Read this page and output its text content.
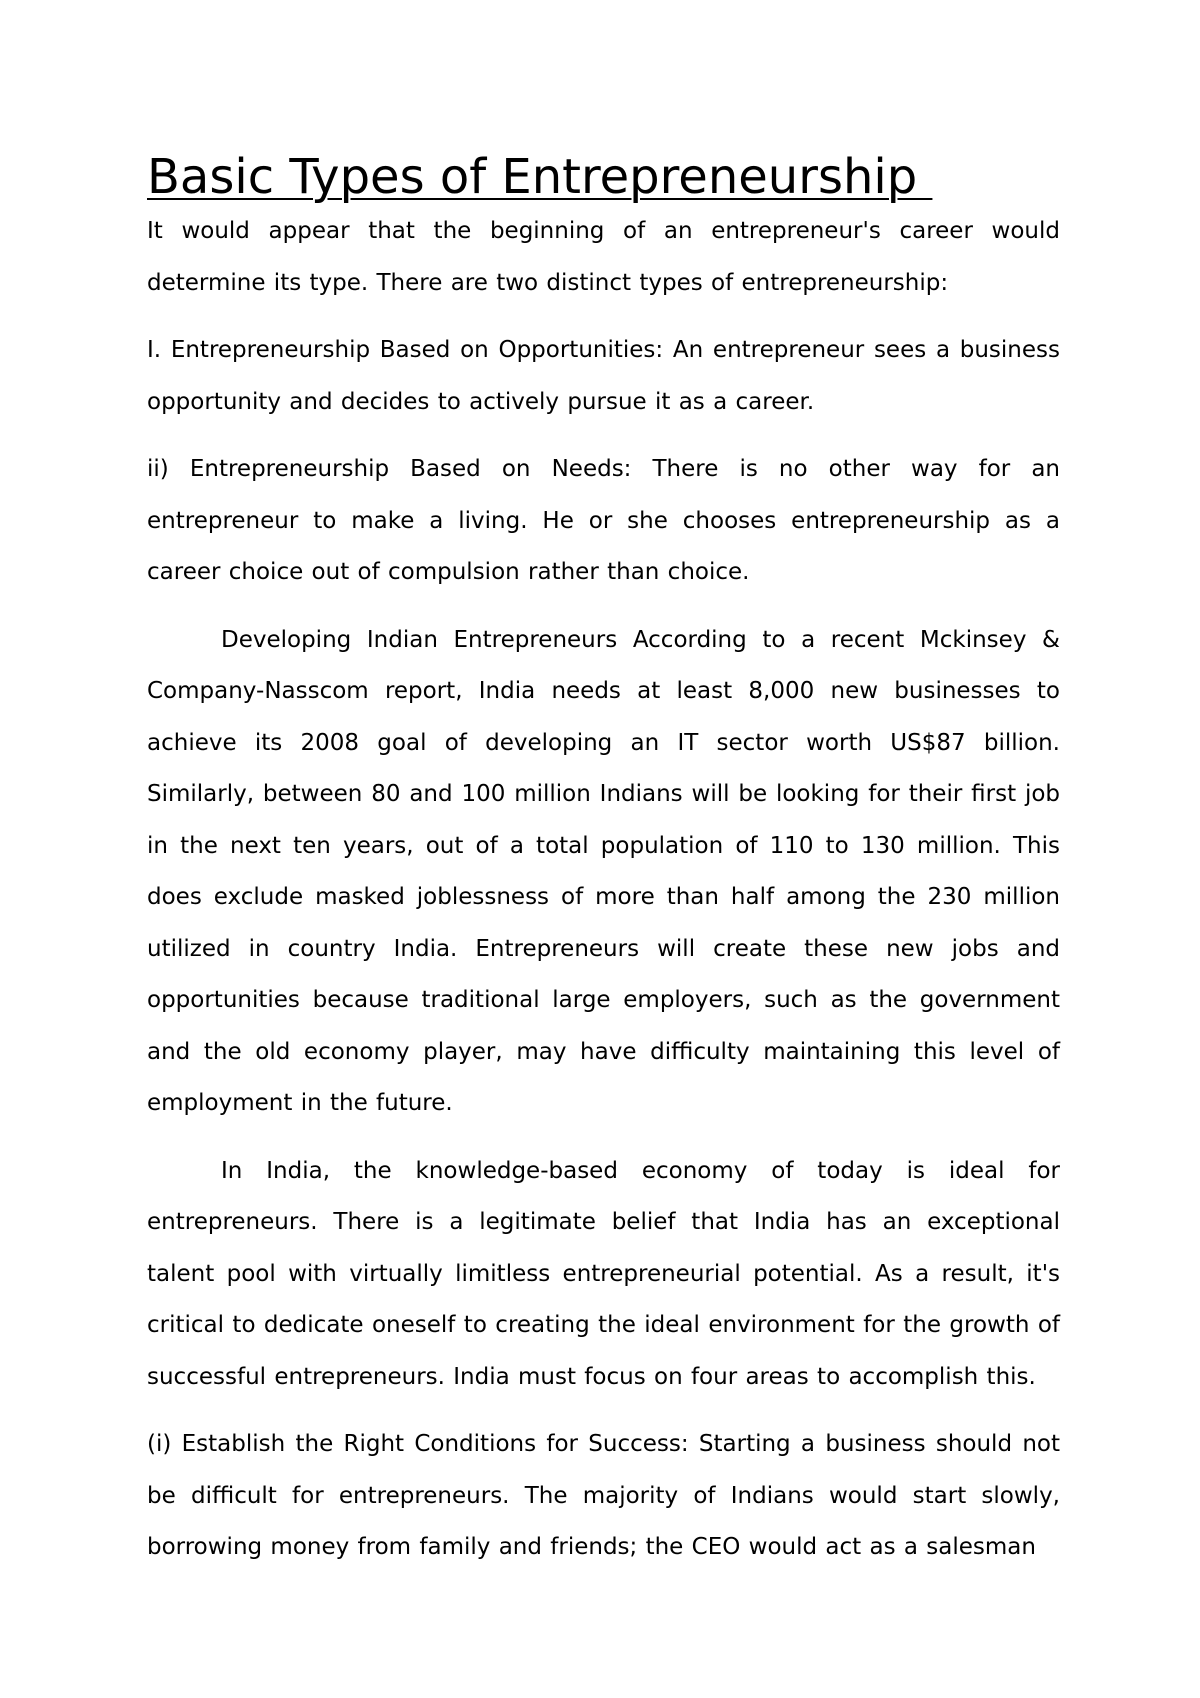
Basic Types of Entrepreneurship

It would appear that the beginning of an entrepreneur's career would determine its type. There are two distinct types of entrepreneurship:

I. Entrepreneurship Based on Opportunities: An entrepreneur sees a business opportunity and decides to actively pursue it as a career.

ii) Entrepreneurship Based on Needs: There is no other way for an entrepreneur to make a living. He or she chooses entrepreneurship as a career choice out of compulsion rather than choice.

Developing Indian Entrepreneurs According to a recent Mckinsey & Company-Nasscom report, India needs at least 8,000 new businesses to achieve its 2008 goal of developing an IT sector worth US$87 billion. Similarly, between 80 and 100 million Indians will be looking for their first job in the next ten years, out of a total population of 110 to 130 million. This does exclude masked joblessness of more than half among the 230 million utilized in country India. Entrepreneurs will create these new jobs and opportunities because traditional large employers, such as the government and the old economy player, may have difficulty maintaining this level of employment in the future.

In India, the knowledge-based economy of today is ideal for entrepreneurs. There is a legitimate belief that India has an exceptional talent pool with virtually limitless entrepreneurial potential. As a result, it's critical to dedicate oneself to creating the ideal environment for the growth of successful entrepreneurs. India must focus on four areas to accomplish this.

(i) Establish the Right Conditions for Success: Starting a business should not be difficult for entrepreneurs. The majority of Indians would start slowly, borrowing money from family and friends; the CEO would act as a salesman
